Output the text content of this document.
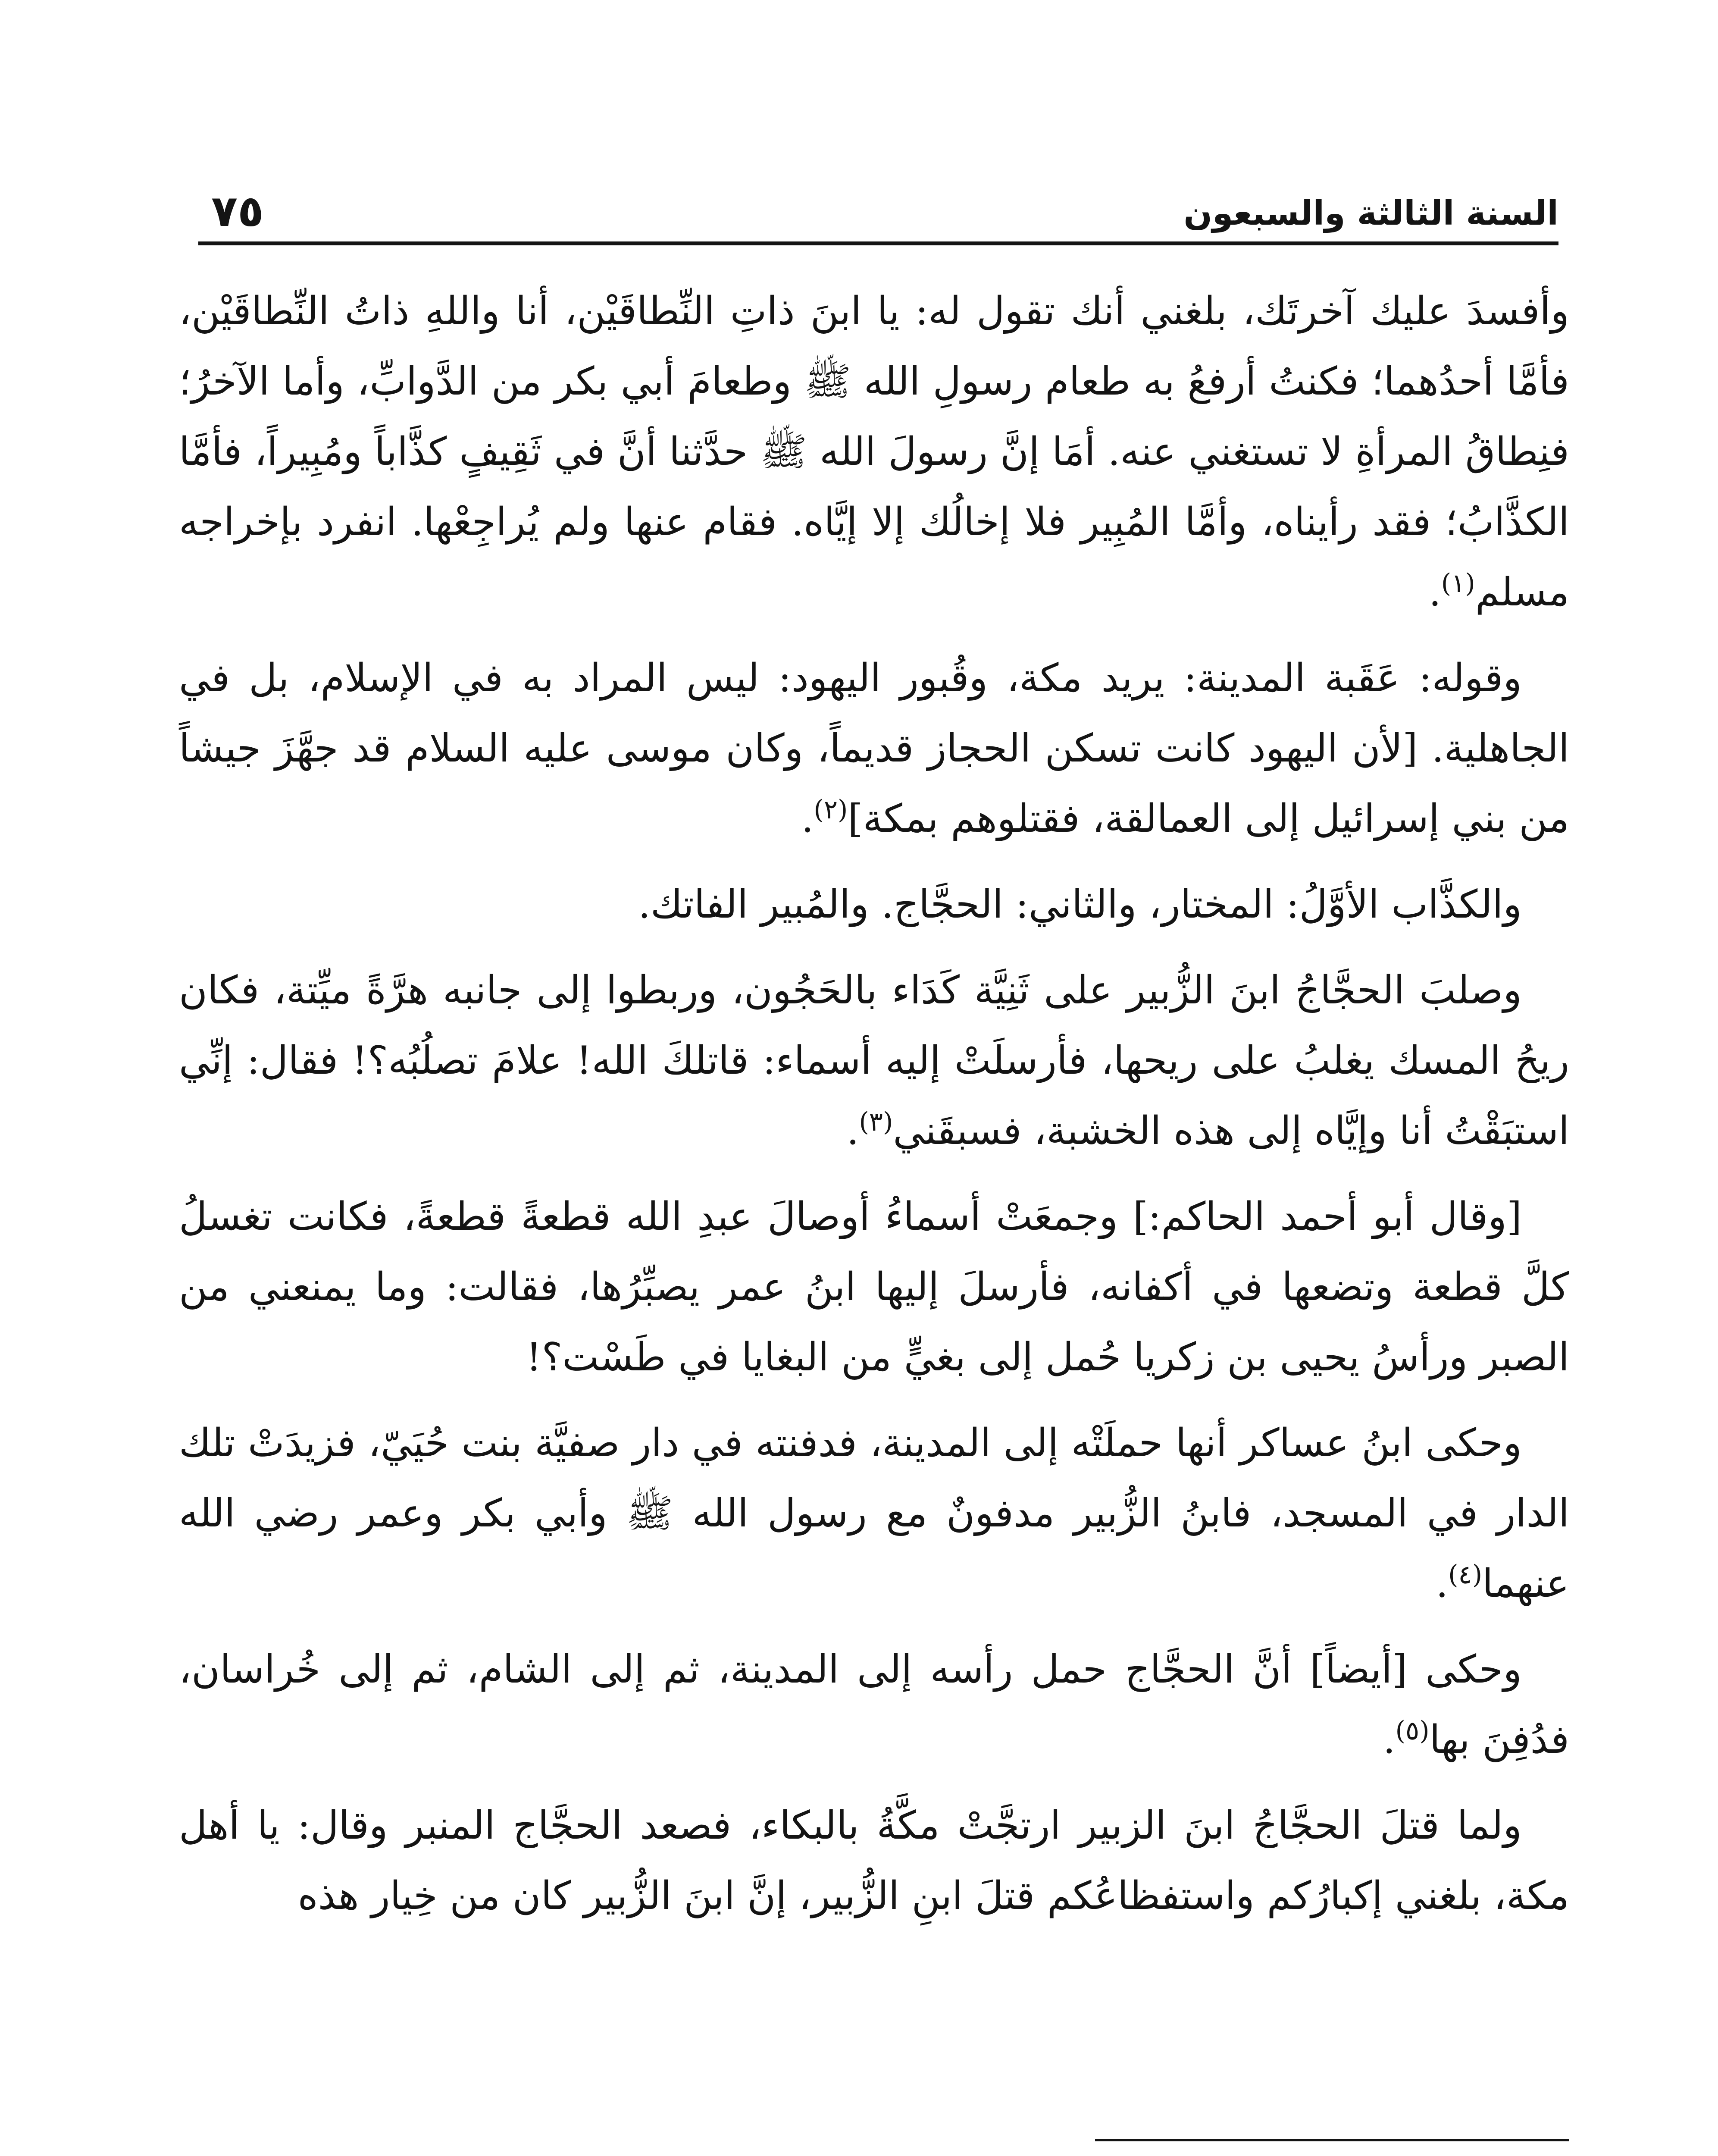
السنة الثالثة والسبعون
٧٥

وأفسدَ عليك آخرتَك، بلغني أنك تقول له: يا ابنَ ذاتِ النِّطاقَيْن، أنا واللهِ ذاتُ النِّطاقَيْن، فأمَّا أحدُهما؛ فكنتُ أرفعُ به طعام رسولِ الله ﷺ وطعامَ أبي بكر من الدَّوابِّ، وأما الآخرُ؛ فنِطاقُ المرأةِ لا تستغني عنه. أمَا إنَّ رسولَ الله ﷺ حدَّثنا أنَّ في ثَقِيفٍ كذَّاباً ومُبِيراً، فأمَّا الكذَّابُ؛ فقد رأيناه، وأمَّا المُبِير فلا إخالُك إلا إيَّاه. فقام عنها ولم يُراجِعْها. انفرد بإخراجه مسلم$^{(١)}$.

وقوله: عَقَبة المدينة: يريد مكة، وقُبور اليهود: ليس المراد به في الإسلام، بل في الجاهلية. [لأن اليهود كانت تسكن الحجاز قديماً، وكان موسى عليه السلام قد جهَّزَ جيشاً من بني إسرائيل إلى العمالقة، فقتلوهم بمكة]$^{(٢)}$.

والكذَّاب الأوَّلُ: المختار، والثاني: الحجَّاج. والمُبير الفاتك.

وصلبَ الحجَّاجُ ابنَ الزُّبير على ثَنِيَّة كَدَاء بالحَجُون، وربطوا إلى جانبه هرَّةً ميِّتة، فكان ريحُ المسك يغلبُ على ريحها، فأرسلَتْ إليه أسماء: قاتلكَ الله! علامَ تصلُبُه؟! فقال: إنِّي استبَقْتُ أنا وإيَّاه إلى هذه الخشبة، فسبقَني$^{(٣)}$.

[وقال أبو أحمد الحاكم:] وجمعَتْ أسماءُ أوصالَ عبدِ الله قطعةً قطعةً، فكانت تغسلُ كلَّ قطعة وتضعها في أكفانه، فأرسلَ إليها ابنُ عمر يصبِّرُها، فقالت: وما يمنعني من الصبر ورأسُ يحيى بن زكريا حُمل إلى بغيٍّ من البغايا في طَسْت؟!

وحكى ابنُ عساكر أنها حملَتْه إلى المدينة، فدفنته في دار صفيَّة بنت حُيَيّ، فزيدَتْ تلك الدار في المسجد، فابنُ الزُّبير مدفونٌ مع رسول الله ﷺ وأبي بكر وعمر رضي الله عنهما$^{(٤)}$.

وحكى [أيضاً] أنَّ الحجَّاج حمل رأسه إلى المدينة، ثم إلى الشام، ثم إلى خُراسان، فدُفِنَ بها$^{(٥)}$.

ولما قتلَ الحجَّاجُ ابنَ الزبير ارتجَّتْ مكَّةُ بالبكاء، فصعد الحجَّاج المنبر وقال: يا أهل مكة، بلغني إكبارُكم واستفظاعُكم قتلَ ابنِ الزُّبير، إنَّ ابنَ الزُّبير كان من خِيار هذه
